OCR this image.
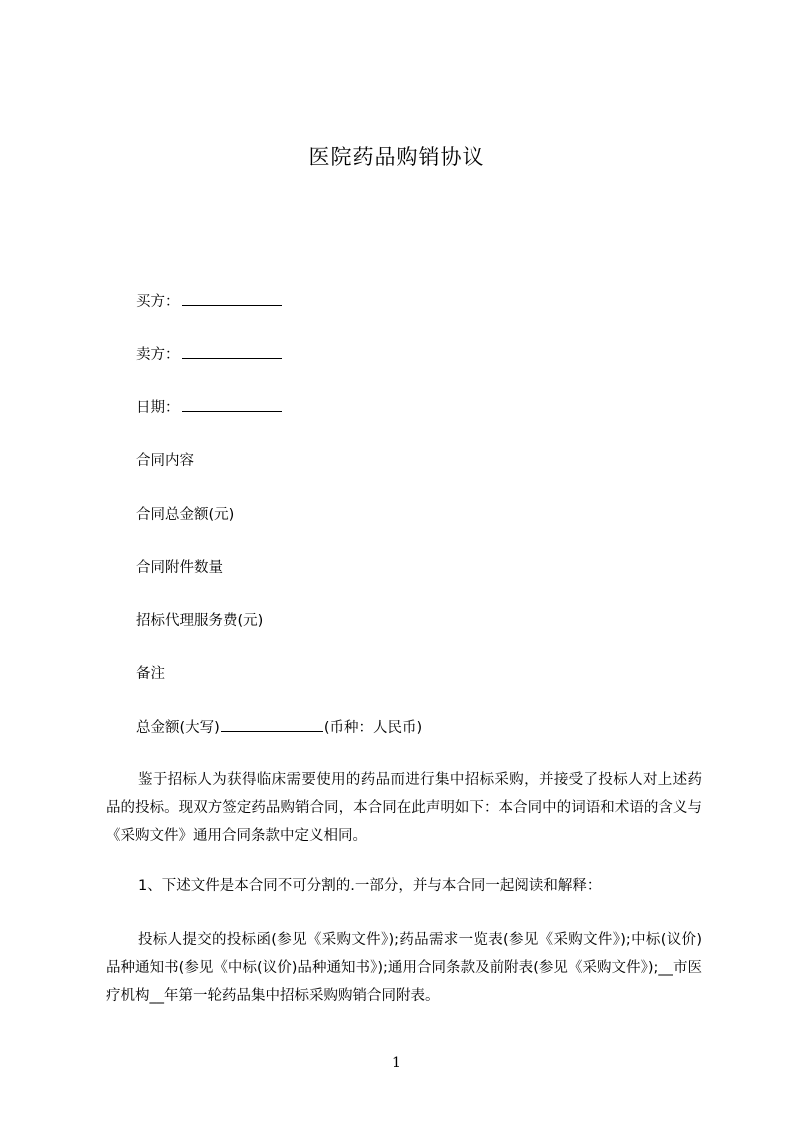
医院药品购销协议
买方：
卖方：
日期：
合同内容
合同总金额(元)
合同附件数量
招标代理服务费(元)
备注
总金额(大写)	(币种：人民币)
鉴于招标人为获得临床需要使用的药品而进行集中招标采购，并接受了投标人对上述药品的投标。现双方签定药品购销合同，本合同在此声明如下：本合同中的词语和术语的含义与《采购文件》通用合同条款中定义相同。
1、下述文件是本合同不可分割的.一部分，并与本合同一起阅读和解释：
投标人提交的投标函(参见《采购文件》);药品需求一览表(参见《采购文件》);中标(议价)品种通知书(参见《中标(议价)品种通知书》);通用合同条款及前附表(参见《采购文件》);__市医疗机构__年第一轮药品集中招标采购购销合同附表。
1
